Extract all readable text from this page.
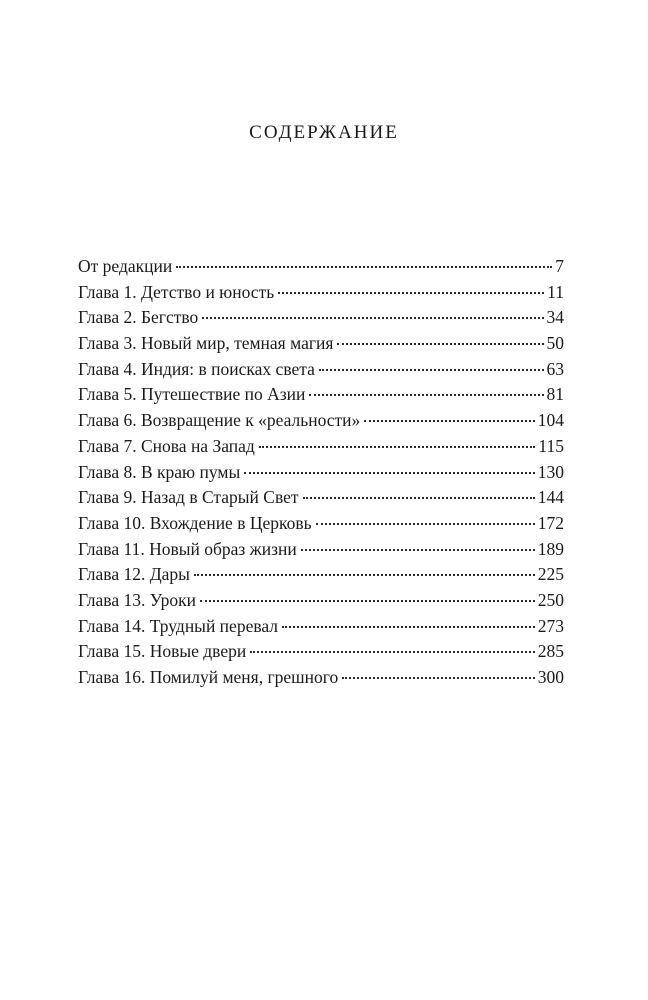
СОДЕРЖАНИЕ
От редакции	7
Глава 1. Детство и юность	11
Глава 2. Бегство	34
Глава 3. Новый мир, темная магия	50
Глава 4. Индия: в поисках света	63
Глава 5. Путешествие по Азии	81
Глава 6. Возвращение к «реальности»	104
Глава 7. Снова на Запад	115
Глава 8. В краю пумы	130
Глава 9. Назад в Старый Свет	144
Глава 10. Вхождение в Церковь	172
Глава 11. Новый образ жизни	189
Глава 12. Дары	225
Глава 13. Уроки	250
Глава 14. Трудный перевал	273
Глава 15. Новые двери	285
Глава 16. Помилуй меня, грешного	300
